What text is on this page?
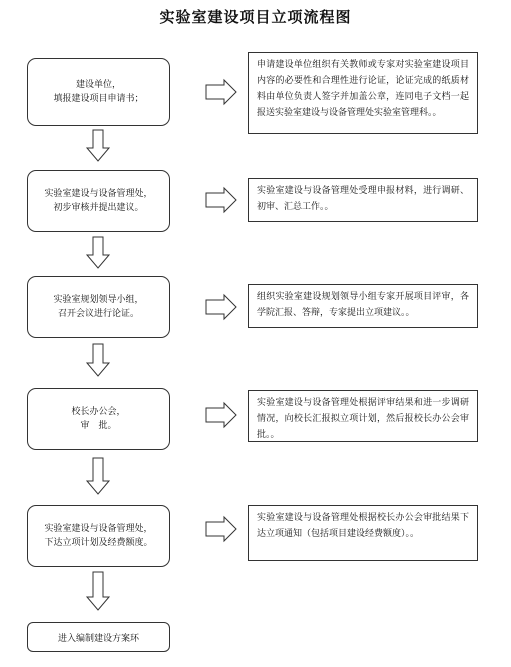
实验室建设项目立项流程图
建设单位，
填报建设项目申请书；
申请建设单位组织有关教师或专家对实验室建设项目内容的必要性和合理性进行论证，论证完成的纸质材料由单位负责人签字并加盖公章，连同电子文档一起报送实验室建设与设备管理处实验室管理科。。
实验室建设与设备管理处，
初步审核并提出建议。
实验室建设与设备管理处受理申报材料，进行调研、初审、汇总工作。。
实验室规划领导小组，
召开会议进行论证。
组织实验室建设规划领导小组专家开展项目评审，各学院汇报、答辩，专家提出立项建议。。
校长办公会，
审　批。
实验室建设与设备管理处根据评审结果和进一步调研情况，向校长汇报拟立项计划，然后报校长办公会审批。。
实验室建设与设备管理处，
下达立项计划及经费额度。
实验室建设与设备管理处根据校长办公会审批结果下达立项通知（包括项目建设经费额度）。。
进入编制建设方案环
